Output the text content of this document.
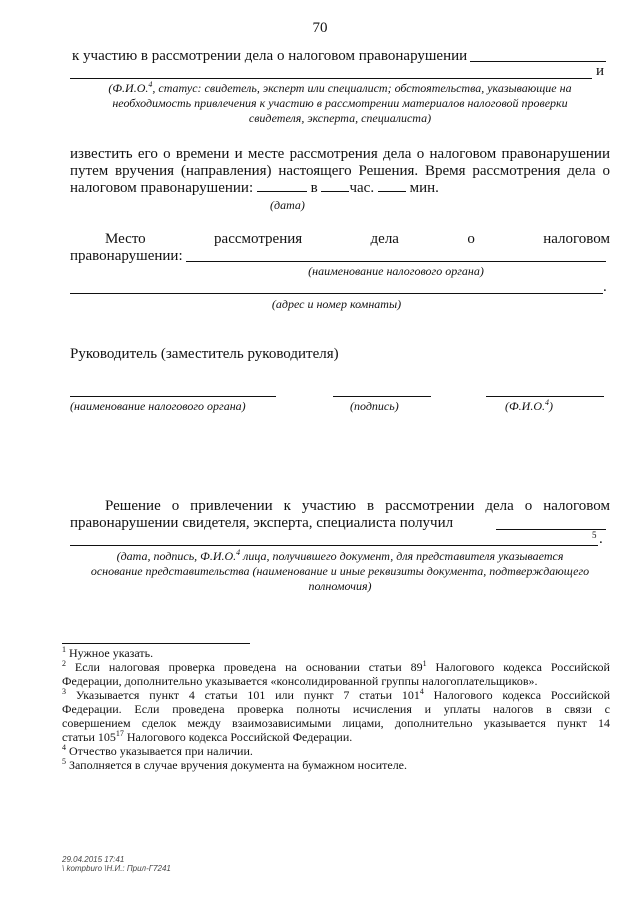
70
к участию в рассмотрении дела о налоговом правонарушении
и
(Ф.И.О.$^4$, статус: свидетель, эксперт или специалист; обстоятельства, указывающие на
необходимость привлечения к участию в рассмотрении материалов налоговой проверки
свидетеля, эксперта, специалиста)
известить его о времени и месте рассмотрения дела о налоговом правонарушении
путем вручения (направления) настоящего Решения. Время рассмотрения дела о
налоговом правонарушении:	в час. мин.
(дата)
Место	рассмотрения	дела	о	налоговом
правонарушении:
(наименование налогового органа)
.
(адрес и номер комнаты)
Руководитель (заместитель руководителя)
(наименование налогового органа)	(подпись)	(Ф.И.О.$^4$)
Решение о привлечении к участию в рассмотрении дела о налоговом
правонарушении свидетеля, эксперта, специалиста получил
5 .
(дата, подпись, Ф.И.О.$^4$ лица, получившего документ, для представителя указывается
основание представительства (наименование и иные реквизиты документа, подтверждающего
полномочия)
$^1$ Нужное указать.
$^2$ Если налоговая проверка проведена на основании статьи $89^1$ Налогового кодекса Российской
Федерации, дополнительно указывается «консолидированной группы налогоплательщиков».
$^3$ Указывается пункт 4 статьи 101 или пункт 7 статьи $101^4$ Налогового кодекса Российской
Федерации. Если проведена проверка полноты исчисления и уплаты налогов в связи с
совершением сделок между взаимозависимыми лицами, дополнительно указывается пункт 14
статьи $105^{17}$ Налогового кодекса Российской Федерации.
$^4$ Отчество указывается при наличии.
$^5$ Заполняется в случае вручения документа на бумажном носителе.
29.04.2015 17:41
\ kompburo \Н.И.: Прил-Г7241
